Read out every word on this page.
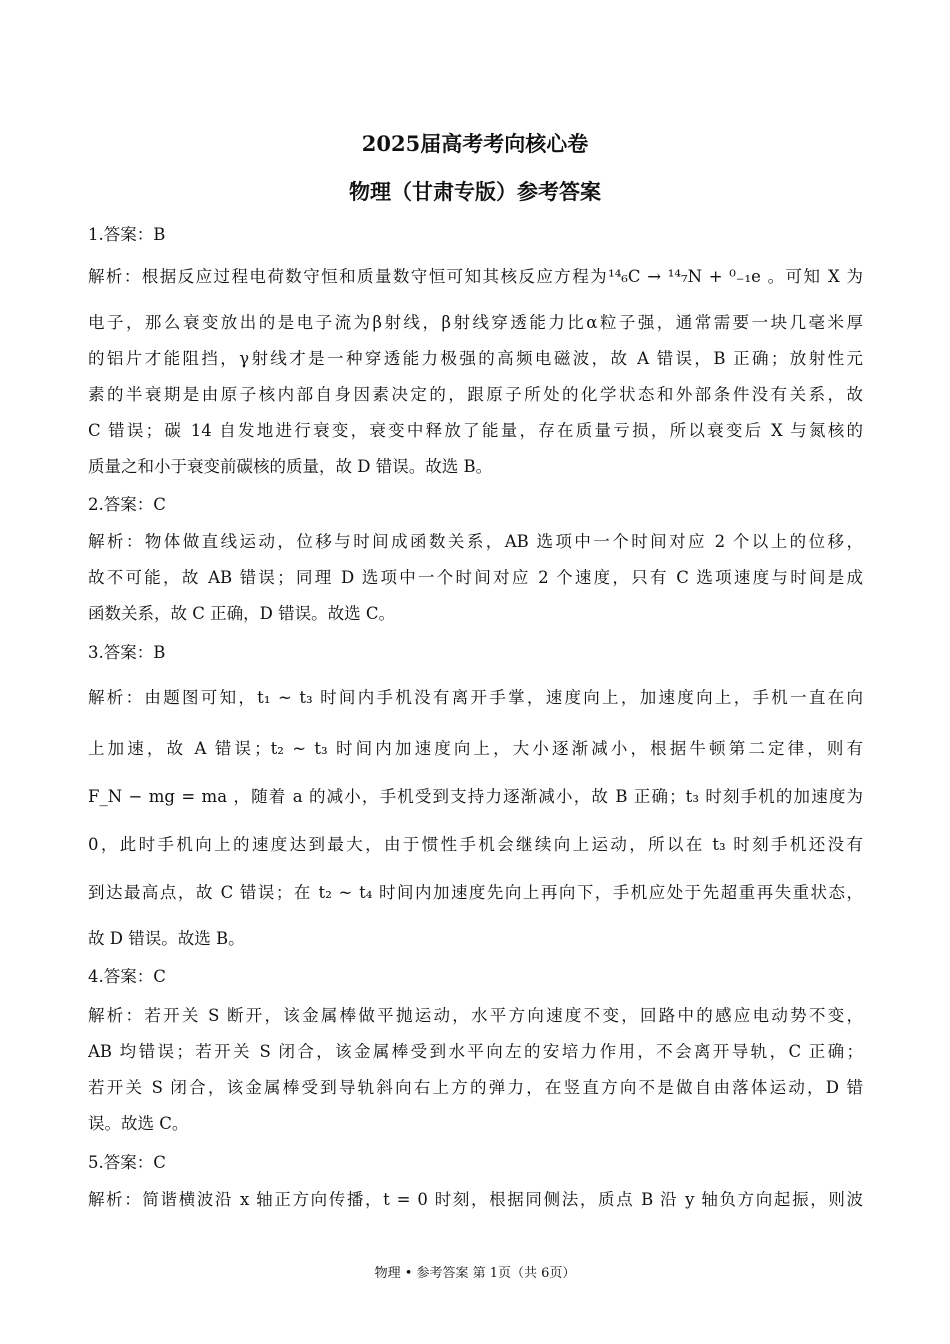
2025届高考考向核心卷
物理（甘肃专版）参考答案
1.答案：B
解析：根据反应过程电荷数守恒和质量数守恒可知其核反应方程为¹⁴₆C → ¹⁴₇N + ⁰₋₁e 。可知 X 为
电子，那么衰变放出的是电子流为β射线，β射线穿透能力比α粒子强，通常需要一块几毫米厚
的铝片才能阻挡，γ射线才是一种穿透能力极强的高频电磁波，故 A 错误，B 正确；放射性元
素的半衰期是由原子核内部自身因素决定的，跟原子所处的化学状态和外部条件没有关系，故
C 错误；碳 14 自发地进行衰变，衰变中释放了能量，存在质量亏损，所以衰变后 X 与氮核的
质量之和小于衰变前碳核的质量，故 D 错误。故选 B。
2.答案：C
解析：物体做直线运动，位移与时间成函数关系，AB 选项中一个时间对应 2 个以上的位移，
故不可能，故 AB 错误；同理 D 选项中一个时间对应 2 个速度，只有 C 选项速度与时间是成
函数关系，故 C 正确，D 错误。故选 C。
3.答案：B
解析：由题图可知，t₁ ~ t₃ 时间内手机没有离开手掌，速度向上，加速度向上，手机一直在向
上加速，故 A 错误；t₂ ~ t₃ 时间内加速度向上，大小逐渐减小，根据牛顿第二定律，则有
F_N − mg = ma ，随着 a 的减小，手机受到支持力逐渐减小，故 B 正确；t₃ 时刻手机的加速度为
0，此时手机向上的速度达到最大，由于惯性手机会继续向上运动，所以在 t₃ 时刻手机还没有
到达最高点，故 C 错误；在 t₂ ~ t₄ 时间内加速度先向上再向下，手机应处于先超重再失重状态，
故 D 错误。故选 B。
4.答案：C
解析：若开关 S 断开，该金属棒做平抛运动，水平方向速度不变，回路中的感应电动势不变，
AB 均错误；若开关 S 闭合，该金属棒受到水平向左的安培力作用，不会离开导轨，C 正确；
若开关 S 闭合，该金属棒受到导轨斜向右上方的弹力，在竖直方向不是做自由落体运动，D 错
误。故选 C。
5.答案：C
解析：简谐横波沿 x 轴正方向传播，t = 0 时刻，根据同侧法，质点 B 沿 y 轴负方向起振，则波
物理 • 参考答案 第 1页（共 6页）
